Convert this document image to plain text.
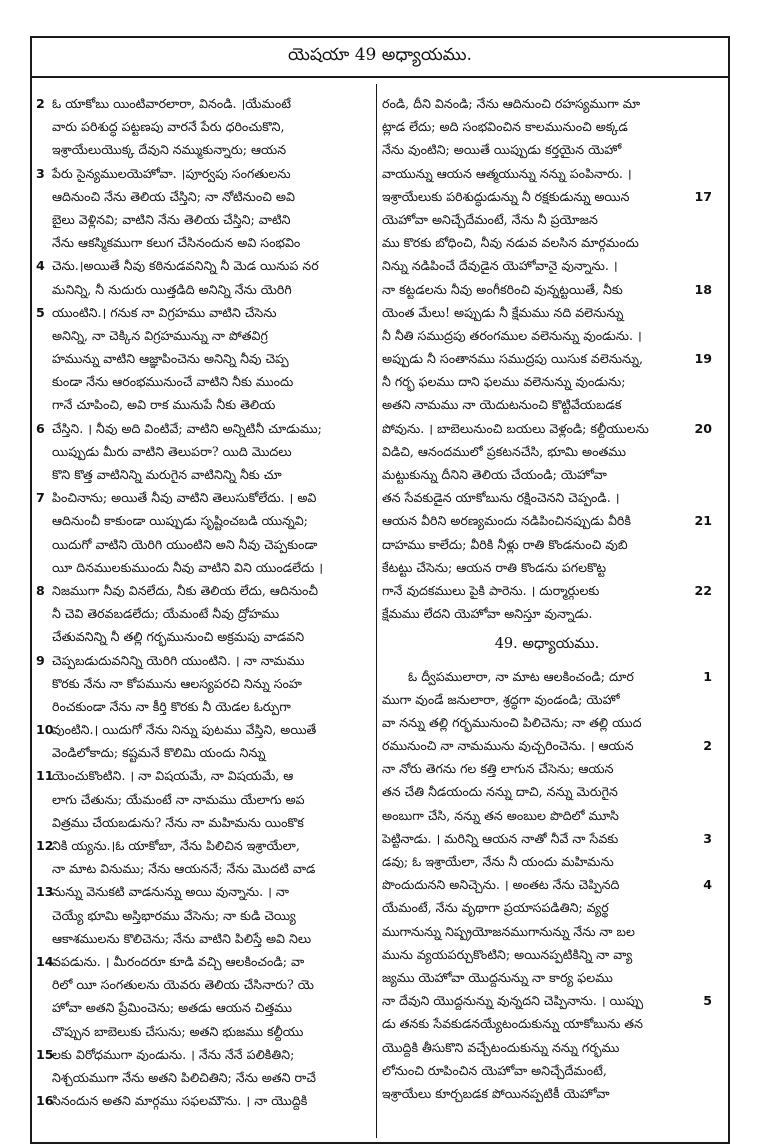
యెషయా 49 అధ్యాయము.
2 ఓ యాకోబు యింటివారలారా, వినండి. ।యేమంటే
వారు పరిశుద్ధ పట్టణపు వారనే పేరు ధరించుకొని,
ఇశ్రాయేలుయొక్క దేవుని నమ్ముకున్నారు; ఆయన
3 పేరు సైన్యములయెహోవా. ।పూర్వపు సంగతులను
ఆదినుంచి నేను తెలియ చేస్తిని; నా నోటినుంచి అవి
బైలు వెళ్లినవి; వాటిని నేను తెలియ చేస్తిని; వాటిని
నేను ఆకస్మికముగా కలుగ చేసినందున అవి సంభవిం
4 చెను.।అయితే నీవు కఠినుడవనిన్ని నీ మెడ యినుప నర
మనిన్ని, నీ నుదురు యిత్తడిది అనిన్ని నేను యెరిగి
5 యుంటిని.। గనుక నా విగ్రహము వాటిని చేసెను
అనిన్ని, నా చెక్కిన విగ్రహమున్ను నా పోతవిగ్ర
హమున్ను వాటిని ఆజ్ఞాపించెను అనిన్ని నీవు చెప్ప
కుండా నేను ఆరంభమునుంచే వాటిని నీకు ముందు
గానే చూపించి, అవి రాక మునుపే నీకు తెలియ
6 చేస్తిని. । నీవు అది వింటివే; వాటిని అన్నిటినీ చూడుము;
యిప్పుడు మీరు వాటిని తెలుపరా? యిది మొదలు
కొని కొత్త వాటినిన్ని మరుగైన వాటినిన్ని నీకు చూ
7 పించినాను; అయితే నీవు వాటిని తెలుసుకోలేదు. । అవి
ఆదినుంచీ కాకుండా యిప్పుడు సృష్టించబడి యున్నవి;
యిదుగో వాటిని యెరిగి యుంటిని అని నీవు చెప్పకుండా
యీ దినములకుముందు నీవు వాటిని విని యుండలేదు ।
8 నిజముగా నీవు వినలేదు, నీకు తెలియ లేదు, ఆదినుంచీ
నీ చెవి తెరవబడలేదు; యేమంటే నీవు ద్రోహము
చేతువనిన్ని నీ తల్లి గర్భమునుంచి అక్రమపు వాడవని
9 చెప్పబడుదువనిన్ని యెరిగి యుంటిని. । నా నామము
కొరకు నేను నా కోపమును ఆలస్యపరచి నిన్ను సంహ
రించకుండా నేను నా కీర్తి కొరకు నీ యెడల ఓర్పుగా
10వుంటిని.। యిదుగో నేను నిన్ను పుటము వేస్తిని, అయితే
వెండిలోకాదు; కష్టమనే కొలిమి యందు నిన్ను
11యెంచుకొంటిని. । నా విషయమే, నా విషయమే, ఆ
లాగు చేతును; యేమంటే నా నామము యేలాగు అప
విత్రము చేయబడును? నేను నా మహిమను యింకొక
12నికి య్యను.।ఓ యాకోబా, నేను పిలిచిన ఇశ్రాయేలా,
నా మాట వినుము; నేను ఆయననే; నేను మొదటి వాడ
13నున్ను వెనుకటి వాడనున్ను అయి వున్నాను. । నా
చెయ్యే భూమి అస్తిభారము వేసెను; నా కుడి చెయ్యి
ఆకాశములను కొలిచెను; నేను వాటిని పిలిస్తే అవి నిలు
14వపడును. । మీరందరూ కూడి వచ్చి ఆలకించండి; వా
రిలో యీ సంగతులను యెవరు తెలియ చేసినారు? యె
హోవా అతని ప్రేమించెను; అతడు ఆయన చిత్తము
చొప్పున బాబెలుకు చేసును; అతని భుజము కల్దీయు
15లకు విరోధముగా వుండును. । నేను నేనే పలికితిని;
నిశ్చయముగా నేను అతని పిలిచితిని; నేను అతని రాచే
16సినందున అతని మార్గము సఫలమౌను. । నా యొద్దికి
రండి, దీని వినండి; నేను ఆదినుంచి రహస్యముగా మా
ట్లాడ లేదు; అది సంభవించిన కాలమునుంచి అక్కడ
నేను వుంటిని; అయితే యిప్పుడు కర్తయైన యెహో
వాయున్ను ఆయన ఆత్మయున్ను నన్ను పంపినారు. ।
ఇశ్రాయేలుకు పరిశుద్ధుడున్ను నీ రక్షకుడున్ను అయిన	17
యెహోవా అనిచ్చేదేమంటే, నేను నీ ప్రయోజన
ము కొరకు బోధించి, నీవు నడువ వలసిన మార్గమందు
నిన్ను నడిపించే దేవుడైన యెహోవానై వున్నాను. ।
నా కట్టడలను నీవు అంగీకరించి వున్నట్టయితే, నీకు	18
యెంత మేలు! అప్పుడు నీ క్షేమము నది వలెనున్ను
నీ నీతి సముద్రపు తరంగముల వలెనున్ను వుండును. ।
అప్పుడు నీ సంతానము సముద్రపు యిసుక వలెనున్ను,	19
నీ గర్భ ఫలము దాని ఫలము వలెనున్ను వుండును;
అతని నామము నా యెదుటనుంచి కొట్టివేయబడక
పోవును. । బాబెలునుంచి బయలు వెళ్లండి; కల్దీయులను	20
విడిచి, ఆనందములో ప్రకటనచేసి, భూమి అంతము
మట్టుకున్ను దీనిని తెలియ చేయండి; యెహోవా
తన సేవకుడైన యాకోబును రక్షించెనని చెప్పండి. ।
ఆయన వీరిని అరణ్యమందు నడిపించినప్పుడు వీరికి	21
దాహము కాలేదు; వీరికి నీళ్లు రాతి కొండనుంచి వుబి
కేటట్టు చేసెను; ఆయన రాతి కొండను పగలకొట్ట
గానే వుదకములు పైకి పారెను. । దుర్మార్గులకు	22
క్షేమము లేదని యెహోవా అనిస్తూ వున్నాడు.
49. అధ్యాయము.
ఓ ద్వీపములారా, నా మాట ఆలకించండి; దూర	1
ముగా వుండే జనులారా, శ్రద్ధగా వుండండి; యెహో
వా నన్ను తల్లి గర్భమునుంచి పిలిచెను; నా తల్లి యుద
రమునుంచి నా నామమును వుచ్చరించెను. । ఆయన	2
నా నోరు తెగను గల కత్తి లాగున చేసెను; ఆయన
తన చేతి నీడయందు నన్ను దాచి, నన్ను మెరుగైన
అంబుగా చేసి, నన్ను తన అంబుల పొదిలో మూసి
పెట్టినాడు. । మరిన్ని ఆయన నాతో నీవే నా సేవకు	3
డవు; ఓ ఇశ్రాయేలా, నేను నీ యందు మహిమను
పొందుదునని అనిచ్చెను. । అంతట నేను చెప్పినది	4
యేమంటే, నేను వృథాగా ప్రయాసపడితిని; వ్యర్థ
ముగానున్ను నిష్ప్రయోజనముగానున్ను నేను నా బల
మును వ్యయపర్చుకొంటిని; అయినప్పటికిన్ని నా వ్యా
జ్యము యెహోవా యొద్దనున్ను నా కార్య ఫలము
నా దేవుని యొద్దనున్ను వున్నదని చెప్పినాను. । యిప్పు	5
డు తనకు సేవకుడనయ్యేటందుకున్ను యాకోబును తన
యొద్దికి తీసుకొని వచ్చేటందుకున్ను నన్ను గర్భము
లోనుంచి రూపించిన యెహోవా అనిచ్చేదేమంటే,
ఇశ్రాయేలు కూర్చబడక పోయినప్పటికీ యెహోవా
